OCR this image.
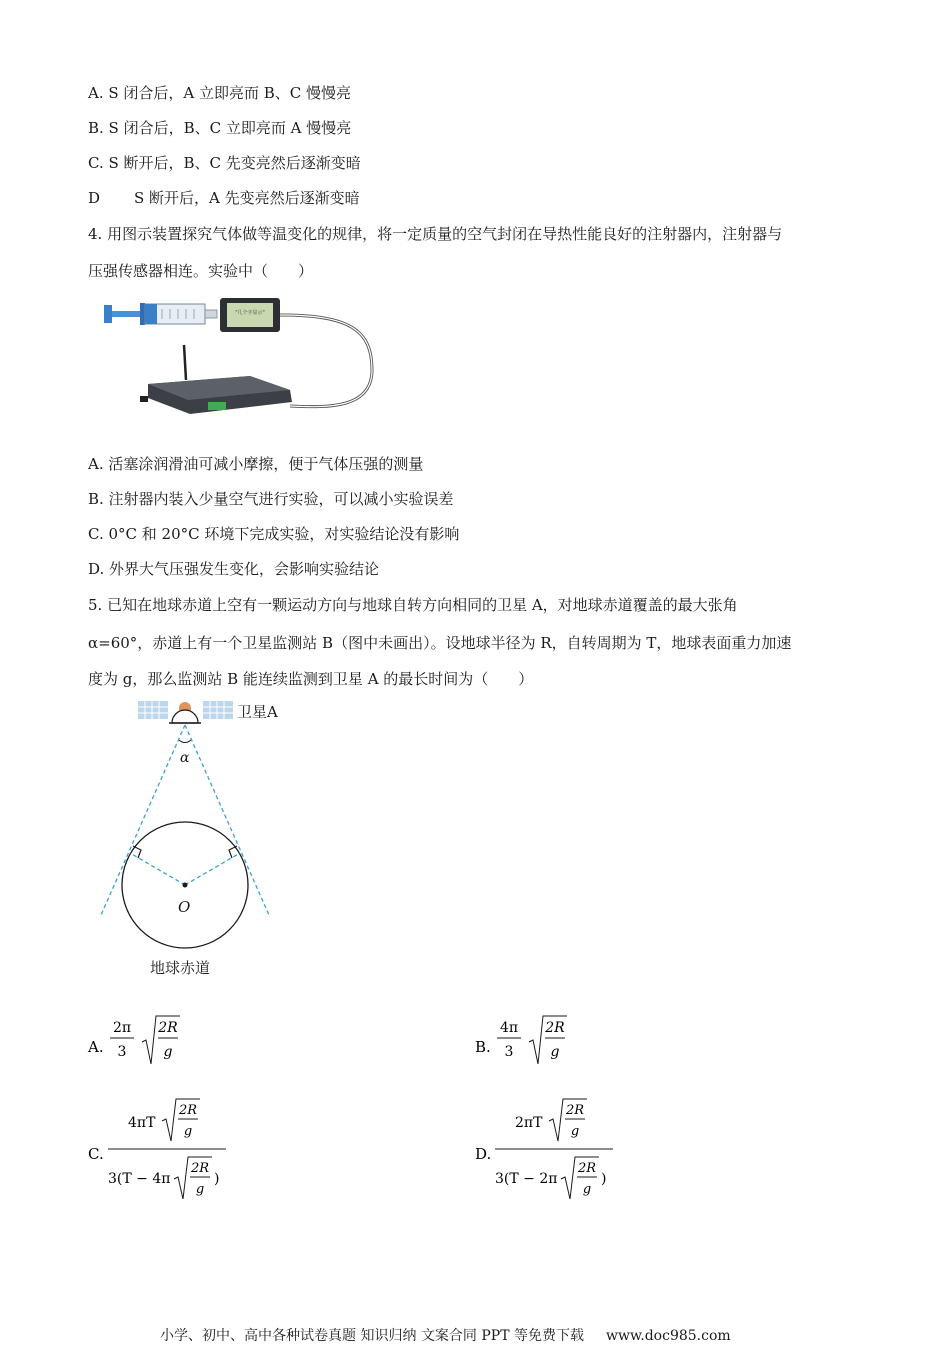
A. S 闭合后，A 立即亮而 B、C 慢慢亮
B. S 闭合后，B、C 立即亮而 A 慢慢亮
C. S 断开后，B、C 先变亮然后逐渐变暗
D S 断开后，A 先变亮然后逐渐变暗
4. 用图示装置探究气体做等温变化的规律，将一定质量的空气封闭在导热性能良好的注射器内，注射器与
压强传感器相连。实验中（　　）
"几个字显示"
A. 活塞涂润滑油可减小摩擦，便于气体压强的测量
B. 注射器内装入少量空气进行实验，可以减小实验误差
C. 0°C 和 20°C 环境下完成实验，对实验结论没有影响
D. 外界大气压强发生变化，会影响实验结论
5. 已知在地球赤道上空有一颗运动方向与地球自转方向相同的卫星 A，对地球赤道覆盖的最大张角
α=60°，赤道上有一个卫星监测站 B（图中未画出）。设地球半径为 R，自转周期为 T，地球表面重力加速
度为 g，那么监测站 B 能连续监测到卫星 A 的最长时间为（　　）
卫星A
α
O
地球赤道
A.
2π
3
2R
g	B.
4π
3
2R
g
C.
4πT
2R
g
3(T − 4π
2R
g
)
D.
2πT
2R
g
3(T − 2π
2R
g
)
小学、初中、高中各种试卷真题 知识归纳 文案合同 PPT 等免费下载 www.doc985.com
